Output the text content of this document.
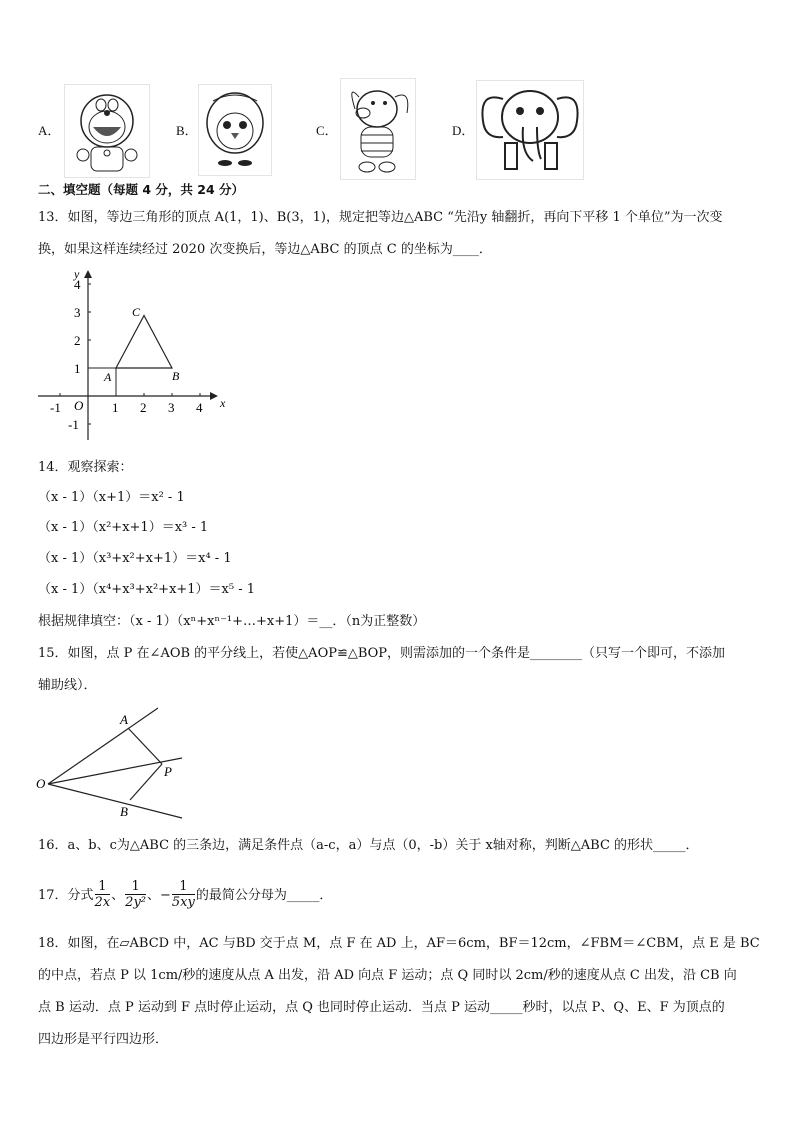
A．	B．	C．	D．
二、填空题（每题 4 分，共 24 分）
13．如图，等边三角形的顶点 A(1，1)、B(3，1)，规定把等边△ABC “先沿y 轴翻折，再向下平移 1 个单位”为一次变
换，如果这样连续经过 2020 次变换后，等边△ABC 的顶点 C 的坐标为____．
x
y
O
-1	1 2 3 4
4
3
2
1
-1
A	B
C
14．观察探索：
（x - 1）（x+1）＝x² - 1
（x - 1）（x²+x+1）＝x³ - 1
（x - 1）（x³+x²+x+1）＝x⁴ - 1
（x - 1）（x⁴+x³+x²+x+1）＝x⁵ - 1
根据规律填空：（x - 1）（xⁿ+xⁿ⁻¹+…+x+1）＝__．（n为正整数）
15．如图，点 P 在∠AOB 的平分线上，若使△AOP≌△BOP，则需添加的一个条件是________（只写一个即可，不添加
辅助线）．
O
A
B
P
16．a、b、c为△ABC 的三条边，满足条件点（a-c，a）与点（0，-b）关于 x轴对称，判断△ABC 的形状_____．
17．分式 $\frac{1}{2x}$ 、 $\frac{1}{\text{2y²}}$ 、− $\frac{1}{5xy}$ 的最简公分母为_____．
18．如图，在▱ABCD 中，AC 与BD 交于点 M，点 F 在 AD 上，AF＝6cm，BF＝12cm，∠FBM＝∠CBM，点 E 是 BC
的中点，若点 P 以 1cm/秒的速度从点 A 出发，沿 AD 向点 F 运动；点 Q 同时以 2cm/秒的速度从点 C 出发，沿 CB 向
点 B 运动．点 P 运动到 F 点时停止运动，点 Q 也同时停止运动．当点 P 运动_____秒时，以点 P、Q、E、F 为顶点的
四边形是平行四边形．
